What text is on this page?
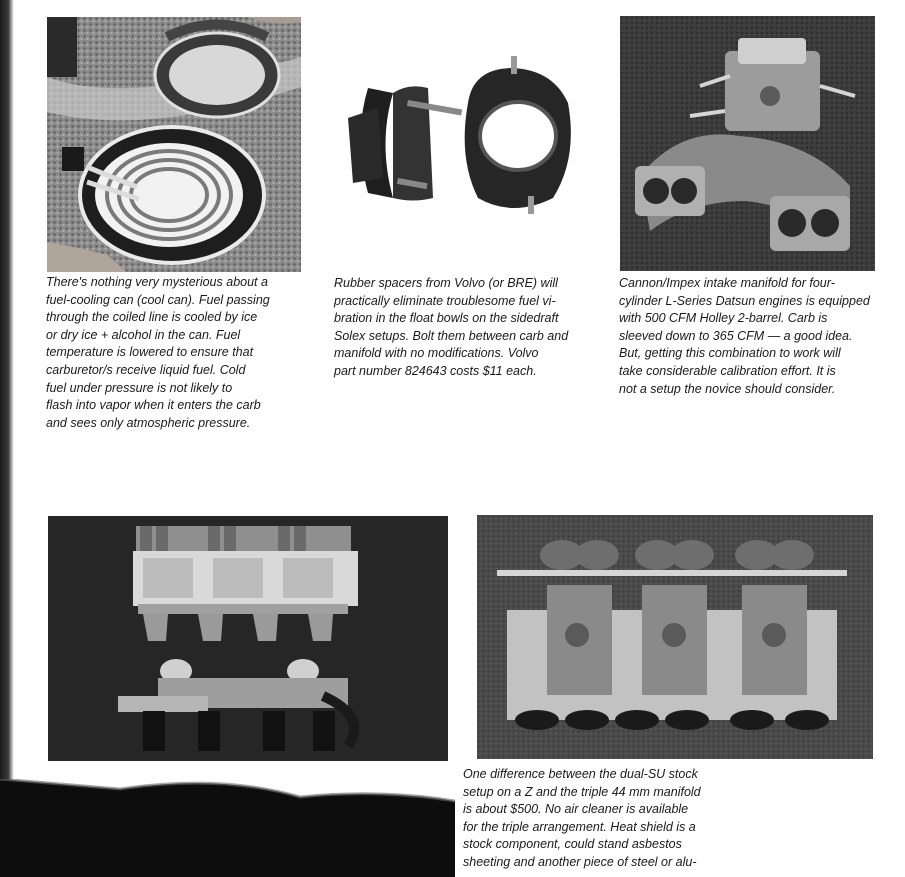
There's nothing very mysterious about a
fuel-cooling can (cool can). Fuel passing
through the coiled line is cooled by ice
or dry ice + alcohol in the can. Fuel
temperature is lowered to ensure that
carburetor/s receive liquid fuel. Cold
fuel under pressure is not likely to
flash into vapor when it enters the carb
and sees only atmospheric pressure.
Rubber spacers from Volvo (or BRE) will
practically eliminate troublesome fuel vi-
bration in the float bowls on the sidedraft
Solex setups. Bolt them between carb and
manifold with no modifications. Volvo
part number 824643 costs $11 each.
Cannon/Impex intake manifold for four-
cylinder L-Series Datsun engines is equipped
with 500 CFM Holley 2-barrel. Carb is
sleeved down to 365 CFM — a good idea.
But, getting this combination to work will
take considerable calibration effort. It is
not a setup the novice should consider.
One difference between the dual-SU stock
setup on a Z and the triple 44 mm manifold
is about $500. No air cleaner is available
for the triple arrangement. Heat shield is a
stock component, could stand asbestos
sheeting and another piece of steel or alu-
